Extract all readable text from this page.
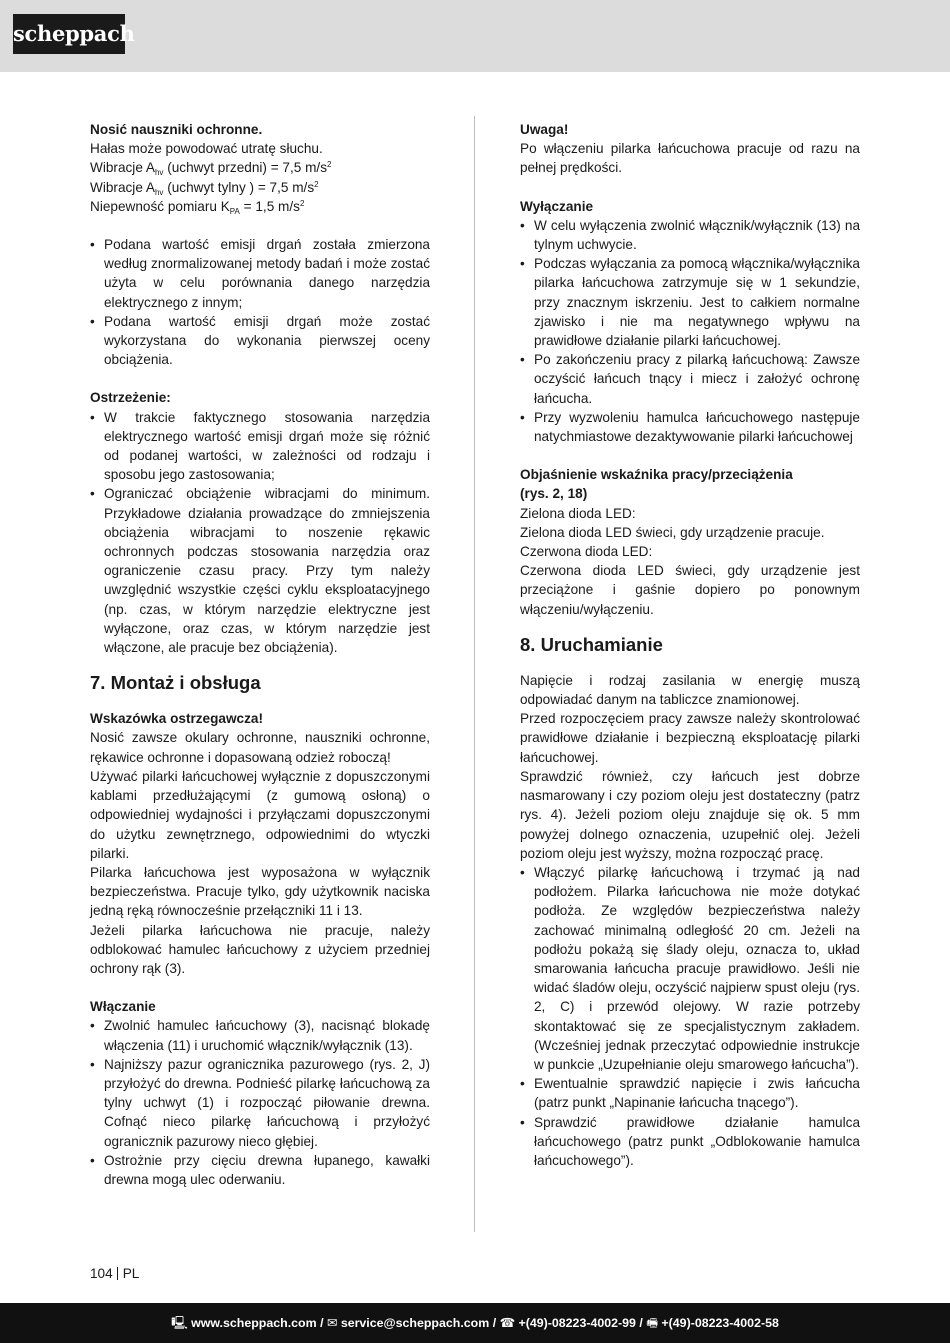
scheppach

Nosić nauszniki ochronne.

Hałas może powodować utratę słuchu.

Wibracje $A_{hv}$ (uchwyt przedni) = 7,5 $m/s^2$

Wibracje $A_{hv}$ (uchwyt tylny ) = 7,5 $m/s^2$

Niepewność pomiaru $K_{PA} = 1,5$ $m/s^2$

• Podana wartość emisji drgań została zmierzona według znormalizowanej metody badań i może zostać użyta w celu porównania danego narzędzia elektrycznego z innym;
• Podana wartość emisji drgań może zostać wykorzystana do wykonania pierwszej oceny obciążenia.

Ostrzeżenie:

• W trakcie faktycznego stosowania narzędzia elektrycznego wartość emisji drgań może się różnić od podanej wartości, w zależności od rodzaju i sposobu jego zastosowania;
• Ograniczać obciążenie wibracjami do minimum. Przykładowe działania prowadzące do zmniejszenia obciążenia wibracjami to noszenie rękawic ochronnych podczas stosowania narzędzia oraz ograniczenie czasu pracy. Przy tym należy uwzględnić wszystkie części cyklu eksploatacyjnego (np. czas, w którym narzędzie elektryczne jest wyłączone, oraz czas, w którym narzędzie jest włączone, ale pracuje bez obciążenia).
7. Montaż i obsługa

Wskazówka ostrzegawcza!

Nosić zawsze okulary ochronne, nauszniki ochronne, rękawice ochronne i dopasowaną odzież roboczą!

Używać pilarki łańcuchowej wyłącznie z dopuszczonymi kablami przedłużającymi (z gumową osłoną) o odpowiedniej wydajności i przyłączami dopuszczonymi do użytku zewnętrznego, odpowiednimi do wtyczki pilarki.

Pilarka łańcuchowa jest wyposażona w wyłącznik bezpieczeństwa. Pracuje tylko, gdy użytkownik naciska jedną ręką równocześnie przełączniki 11 i 13.

Jeżeli pilarka łańcuchowa nie pracuje, należy odblokować hamulec łańcuchowy z użyciem przedniej ochrony rąk (3).

Włączanie

• Zwolnić hamulec łańcuchowy (3), nacisnąć blokadę włączenia (11) i uruchomić włącznik/wyłącznik (13).
• Najniższy pazur ogranicznika pazurowego (rys. 2, J) przyłożyć do drewna. Podnieść pilarkę łańcuchową za tylny uchwyt (1) i rozpocząć piłowanie drewna. Cofnąć nieco pilarkę łańcuchową i przyłożyć ogranicznik pazurowy nieco głębiej.
• Ostrożnie przy cięciu drewna łupanego, kawałki drewna mogą ulec oderwaniu.

Uwaga!

Po włączeniu pilarka łańcuchowa pracuje od razu na pełnej prędkości.

Wyłączanie

• W celu wyłączenia zwolnić włącznik/wyłącznik (13) na tylnym uchwycie.
• Podczas wyłączania za pomocą włącznika/wyłącznika pilarka łańcuchowa zatrzymuje się w 1 sekundzie, przy znacznym iskrzeniu. Jest to całkiem normalne zjawisko i nie ma negatywnego wpływu na prawidłowe działanie pilarki łańcuchowej.
• Po zakończeniu pracy z pilarką łańcuchową: Zawsze oczyścić łańcuch tnący i miecz i założyć ochronę łańcucha.
• Przy wyzwoleniu hamulca łańcuchowego następuje natychmiastowe dezaktywowanie pilarki łańcuchowej

Objaśnienie wskaźnika pracy/przeciążenia

(rys. 2, 18)

Zielona dioda LED:

Zielona dioda LED świeci, gdy urządzenie pracuje.

Czerwona dioda LED:

Czerwona dioda LED świeci, gdy urządzenie jest przeciążone i gaśnie dopiero po ponownym włączeniu/wyłączeniu.

8. Uruchamianie

Napięcie i rodzaj zasilania w energię muszą odpowiadać danym na tabliczce znamionowej.

Przed rozpoczęciem pracy zawsze należy skontrolować prawidłowe działanie i bezpieczną eksploatację pilarki łańcuchowej.

Sprawdzić również, czy łańcuch jest dobrze nasmarowany i czy poziom oleju jest dostateczny (patrz rys. 4). Jeżeli poziom oleju znajduje się ok. 5 mm powyżej dolnego oznaczenia, uzupełnić olej. Jeżeli poziom oleju jest wyższy, można rozpocząć pracę.

• Włączyć pilarkę łańcuchową i trzymać ją nad podłożem. Pilarka łańcuchowa nie może dotykać podłoża. Ze względów bezpieczeństwa należy zachować minimalną odległość 20 cm. Jeżeli na podłożu pokażą się ślady oleju, oznacza to, układ smarowania łańcucha pracuje prawidłowo. Jeśli nie widać śladów oleju, oczyścić najpierw spust oleju (rys. 2, C) i przewód olejowy. W razie potrzeby skontaktować się ze specjalistycznym zakładem. (Wcześniej jednak przeczytać odpowiednie instrukcje w punkcie „Uzupełnianie oleju smarowego łańcucha”).
• Ewentualnie sprawdzić napięcie i zwis łańcucha (patrz punkt „Napinanie łańcucha tnącego”).
• Sprawdzić prawidłowe działanie hamulca łańcuchowego (patrz punkt „Odblokowanie hamulca łańcuchowego”).
104 PL
🖳 www.scheppach.com / ✉ service@scheppach.com / ☎ +(49)-08223-4002-99 / 🖷 +(49)-08223-4002-58
